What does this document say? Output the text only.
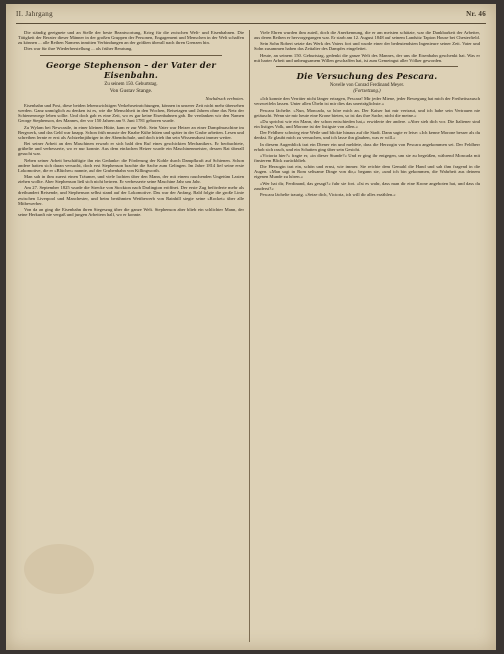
II. Jahrgang	Nr. 46

Die ständig geeignete und an Stelle der beste Beantwortung, Krieg für die zwischen Welt- und Eisenbahnen. Die Tätigkeit der Berater dieser Männer in der großen Gruppen der Personen, Engagement und Menschen in der Welt schaffen zu können ... alle Reihen Namens inmitten Verbindungen an der größten überall nach ihren Grenzen hin.

Dies war für ihre Wiederherstellung ... als früher Beratung.

George Stephenson – der Vater der Eisenbahn.
Zu seinem 150. Geburtstag.
Von Gustav Stange.
Nachdruck verboten.

Eisenbahn und Post, diese beiden lebenswichtigen Verkehrseinrichtungen, können in unserer Zeit nicht mehr übersehen werden. Ganz unmöglich zu denken ist es, wie die Menschheit in den Wochen, Reisetagen und Jahren ohne das Netz der Schienenwege leben sollte. Und doch gab es eine Zeit, wo es gar keine Eisenbahnen gab. Ihr verdanken wir den Namen George Stephenson, des Mannes, der vor 150 Jahren am 9. Juni 1781 geboren wurde.

Zu Wylam bei Newcastle, in einer kleinen Hütte, kam er zur Welt. Sein Vater war Heizer an einer Dampfmaschine im Bergwerk, und das Geld war knapp. Schon früh musste der Knabe Kühe hüten und später in der Grube arbeiten. Lesen und schreiben lernte er erst als Achtzehnjähriger in der Abendschule, und doch trieb ihn sein Wissensdurst immer weiter.

Bei seiner Arbeit an den Maschinen erwarb er sich bald den Ruf eines geschickten Mechanikers. Er beobachtete, grübelte und verbesserte, wo er nur konnte. Aus dem einfachen Heizer wurde ein Maschinenmeister, dessen Rat überall gesucht war.

Neben seiner Arbeit beschäftigte ihn ein Gedanke: die Förderung der Kohle durch Dampfkraft auf Schienen. Schon andere hatten sich daran versucht, doch erst Stephenson brachte die Sache zum Gelingen. Im Jahre 1814 lief seine erste Lokomotive, die er »Blücher« nannte, auf der Grubenbahn von Killingworth.

Man sah in ihm zuerst einen Träumer, und viele lachten über den Mann, der mit einem rauchenden Ungetüm Lasten ziehen wollte. Aber Stephenson ließ sich nicht beirren. Er verbesserte seine Maschine Jahr um Jahr.

Am 27. September 1825 wurde die Strecke von Stockton nach Darlington eröffnet. Der erste Zug beförderte mehr als dreihundert Reisende, und Stephenson selbst stand auf der Lokomotive. Das war der Anfang. Bald folgte die große Linie zwischen Liverpool und Manchester, und beim berühmten Wettbewerb von Rainhill siegte seine »Rocket« über alle Mitbewerber.

Von da an ging die Eisenbahn ihren Siegeszug über die ganze Welt. Stephenson aber blieb ein schlichter Mann, der seine Herkunft nie vergaß und jungen Arbeitern half, wo er konnte.

Viele Ehren wurden ihm zuteil, doch die Anerkennung, die er am meisten schätzte, war die Dankbarkeit der Arbeiter, aus deren Reihen er hervorgegangen war. Er starb am 12. August 1848 auf seinem Landsitz Tapton House bei Chesterfield.

Sein Sohn Robert setzte das Werk des Vaters fort und wurde einer der bedeutendsten Ingenieure seiner Zeit. Vater und Sohn zusammen haben das Zeitalter des Dampfes eingeleitet.

Heute, an seinem 150. Geburtstag, gedenkt die ganze Welt des Mannes, der uns die Eisenbahn geschenkt hat. Was er mit harter Arbeit und unbeugsamem Willen geschaffen hat, ist zum Gemeingut aller Völker geworden.

Die Versuchung des Pescara.
Novelle von Conrad Ferdinand Meyer.
(Fortsetzung.)

»Ich konnte den Verräter nicht länger ertragen, Pescara! Mir jeder Miene, jeder Bewegung hat mich der Freiheitsrausch verzweifeln lassen. Unter allen Übeln ist mir dies das unerträglichste.«

Pescara lächelte. »Nun, Moncada, so höre mich an. Der Kaiser hat mir vertraut, und ich habe sein Vertrauen nie getäuscht. Wenn sie mir heute eine Krone bieten, so ist das ihre Sache, nicht die meine.«

»Du sprichst wie ein Mann, der schon entschieden hat,« erwiderte der andere. »Aber sieh dich vor. Die Italiener sind ein listiges Volk, und Morone ist der listigste von allen.«

Der Feldherr schwieg eine Weile und blickte hinaus auf die Stadt. Dann sagte er leise: »Ich kenne Morone besser als du denkst. Er glaubt mich zu versuchen, und ich lasse ihn glauben, was er will.«

In diesem Augenblick trat ein Diener ein und meldete, dass die Herzogin von Pescara angekommen sei. Der Feldherr erhob sich rasch, und ein Schatten ging über sein Gesicht.

»Victoria hier?« fragte er, »in dieser Stunde?« Und er ging ihr entgegen, um sie zu begrüßen, während Moncada mit finsterem Blick zurückblieb.

Die Herzogin trat ein, schön und ernst, wie immer. Sie reichte dem Gemahl die Hand und sah ihm fragend in die Augen. »Man sagt in Rom seltsame Dinge von dir,« begann sie, »und ich bin gekommen, die Wahrheit aus deinem eigenen Munde zu hören.«

»Wer hat dir, Ferdinand, das gesagt?« fuhr sie fort. »Ist es wahr, dass man dir eine Krone angeboten hat, und dass du zauderst?«

Pescara lächelte traurig. »Setze dich, Victoria, ich will dir alles erzählen.«
